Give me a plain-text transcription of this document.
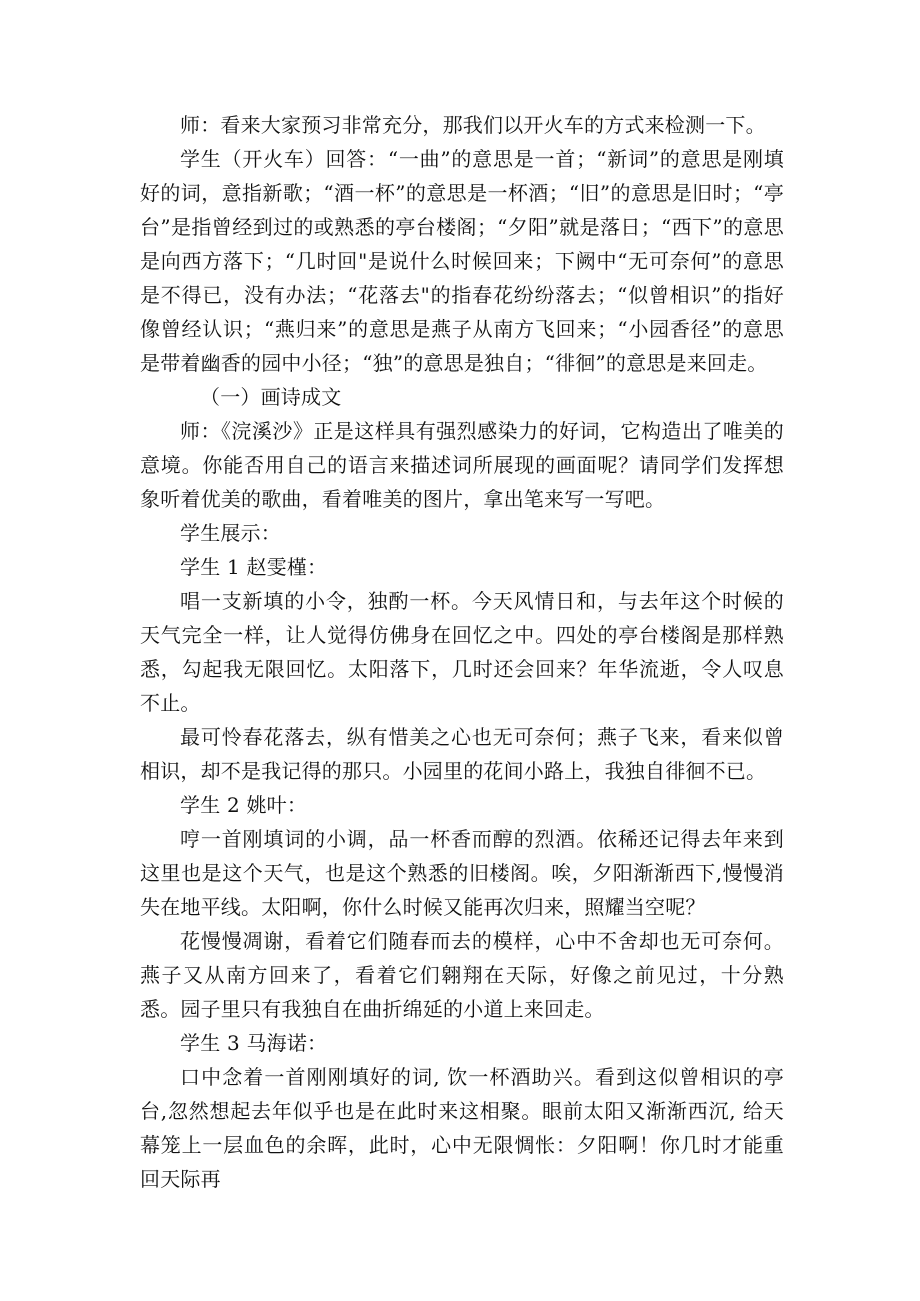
师：看来大家预习非常充分，那我们以开火车的方式来检测一下。

学生（开火车）回答：“一曲”的意思是一首；“新词”的意思是刚填好的词，意指新歌；“酒一杯”的意思是一杯酒；“旧”的意思是旧时；“亭台”是指曾经到过的或熟悉的亭台楼阁；“夕阳”就是落日；“西下”的意思是向西方落下；“几时回"是说什么时候回来；下阙中“无可奈何”的意思是不得已，没有办法；“花落去"的指春花纷纷落去；“似曾相识”的指好像曾经认识；“燕归来”的意思是燕子从南方飞回来；“小园香径”的意思是带着幽香的园中小径；“独”的意思是独自；“徘徊”的意思是来回走。

（一）画诗成文

师：《浣溪沙》正是这样具有强烈感染力的好词，它构造出了唯美的意境。你能否用自己的语言来描述词所展现的画面呢？请同学们发挥想象听着优美的歌曲，看着唯美的图片，拿出笔来写一写吧。

学生展示：

学生 1 赵雯槿：

唱一支新填的小令，独酌一杯。今天风情日和，与去年这个时候的天气完全一样，让人觉得仿佛身在回忆之中。四处的亭台楼阁是那样熟悉，勾起我无限回忆。太阳落下，几时还会回来？年华流逝，令人叹息不止。

最可怜春花落去，纵有惜美之心也无可奈何；燕子飞来，看来似曾相识，却不是我记得的那只。小园里的花间小路上，我独自徘徊不已。

学生 2 姚叶：

哼一首刚填词的小调，品一杯香而醇的烈酒。依稀还记得去年来到这里也是这个天气，也是这个熟悉的旧楼阁。唉，夕阳渐渐西下,慢慢消失在地平线。太阳啊，你什么时候又能再次归来，照耀当空呢？

花慢慢凋谢，看着它们随春而去的模样，心中不舍却也无可奈何。燕子又从南方回来了，看着它们翱翔在天际，好像之前见过，十分熟悉。园子里只有我独自在曲折绵延的小道上来回走。

学生 3 马海诺：

口中念着一首刚刚填好的词, 饮一杯酒助兴。看到这似曾相识的亭台,忽然想起去年似乎也是在此时来这相聚。眼前太阳又渐渐西沉, 给天幕笼上一层血色的余晖，此时，心中无限惆怅：夕阳啊！你几时才能重回天际再
